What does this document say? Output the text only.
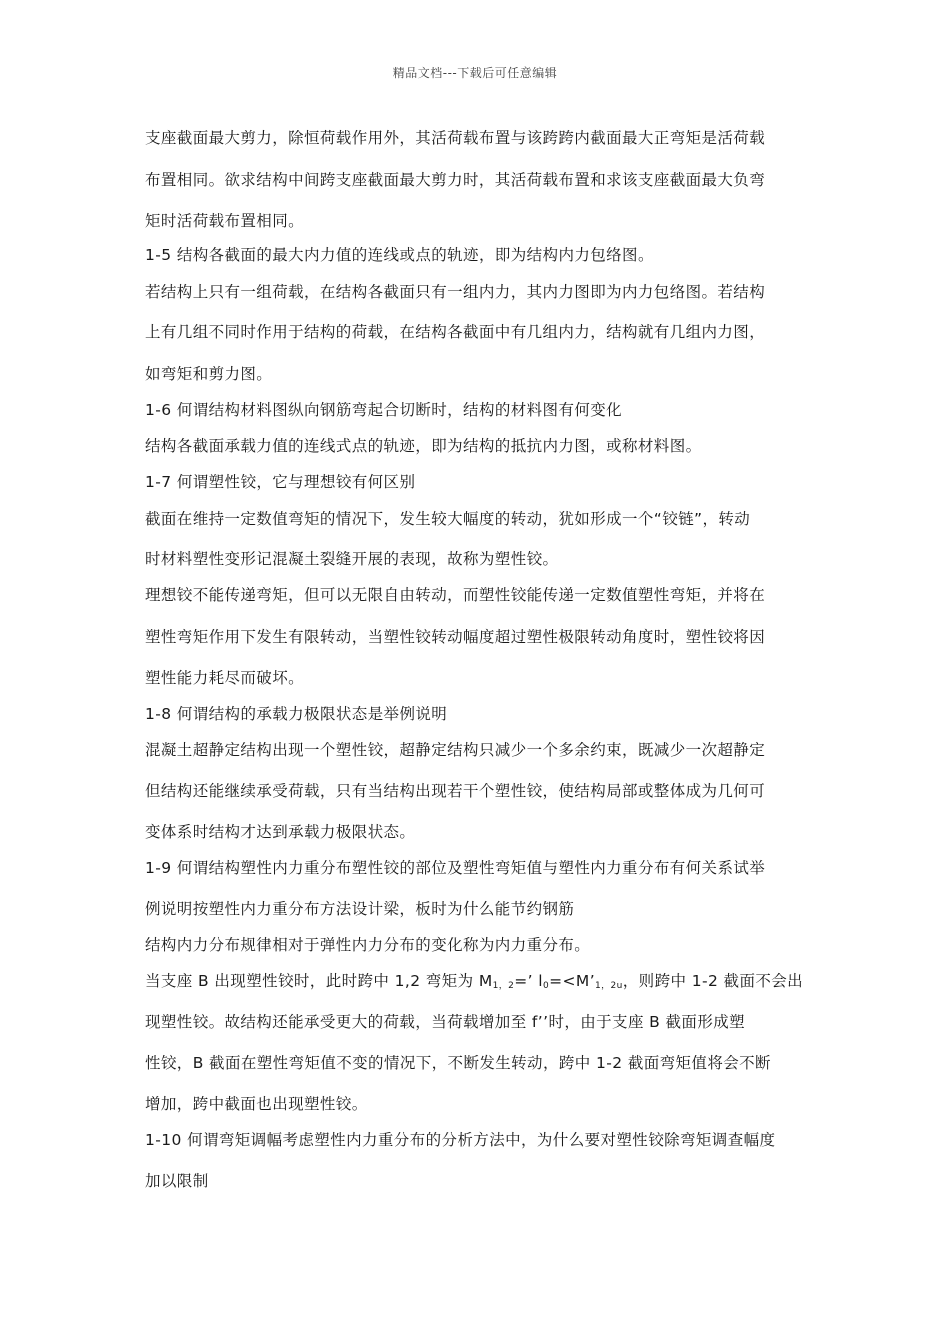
精品文档---下载后可任意编辑
支座截面最大剪力，除恒荷载作用外，其活荷载布置与该跨跨内截面最大正弯矩是活荷载
布置相同。欲求结构中间跨支座截面最大剪力时，其活荷载布置和求该支座截面最大负弯
矩时活荷载布置相同。
1-5 结构各截面的最大内力值的连线或点的轨迹，即为结构内力包络图。
若结构上只有一组荷载，在结构各截面只有一组内力，其内力图即为内力包络图。若结构
上有几组不同时作用于结构的荷载，在结构各截面中有几组内力，结构就有几组内力图，
如弯矩和剪力图。
1-6 何谓结构材料图纵向钢筋弯起合切断时，结构的材料图有何变化
结构各截面承载力值的连线式点的轨迹，即为结构的抵抗内力图，或称材料图。
1-7 何谓塑性铰，它与理想铰有何区别
截面在维持一定数值弯矩的情况下，发生较大幅度的转动，犹如形成一个“铰链”，转动
时材料塑性变形记混凝土裂缝开展的表现，故称为塑性铰。
理想铰不能传递弯矩，但可以无限自由转动，而塑性铰能传递一定数值塑性弯矩，并将在
塑性弯矩作用下发生有限转动，当塑性铰转动幅度超过塑性极限转动角度时，塑性铰将因
塑性能力耗尽而破坏。
1-8 何谓结构的承载力极限状态是举例说明
混凝土超静定结构出现一个塑性铰，超静定结构只减少一个多余约束，既减少一次超静定
但结构还能继续承受荷载，只有当结构出现若干个塑性铰，使结构局部或整体成为几何可
变体系时结构才达到承载力极限状态。
1-9 何谓结构塑性内力重分布塑性铰的部位及塑性弯矩值与塑性内力重分布有何关系试举
例说明按塑性内力重分布方法设计梁，板时为什么能节约钢筋
结构内力分布规律相对于弹性内力分布的变化称为内力重分布。
当支座 B 出现塑性铰时，此时跨中 1,2 弯矩为 $M_{1,2}=$’ $l_0=<M’_{1,2u}$，则跨中 1-2 截面不会出
现塑性铰。故结构还能承受更大的荷载，当荷载增加至 f’’时，由于支座 B 截面形成塑
性铰，B 截面在塑性弯矩值不变的情况下，不断发生转动，跨中 1-2 截面弯矩值将会不断
增加，跨中截面也出现塑性铰。
1-10 何谓弯矩调幅考虑塑性内力重分布的分析方法中，为什么要对塑性铰除弯矩调查幅度
加以限制
